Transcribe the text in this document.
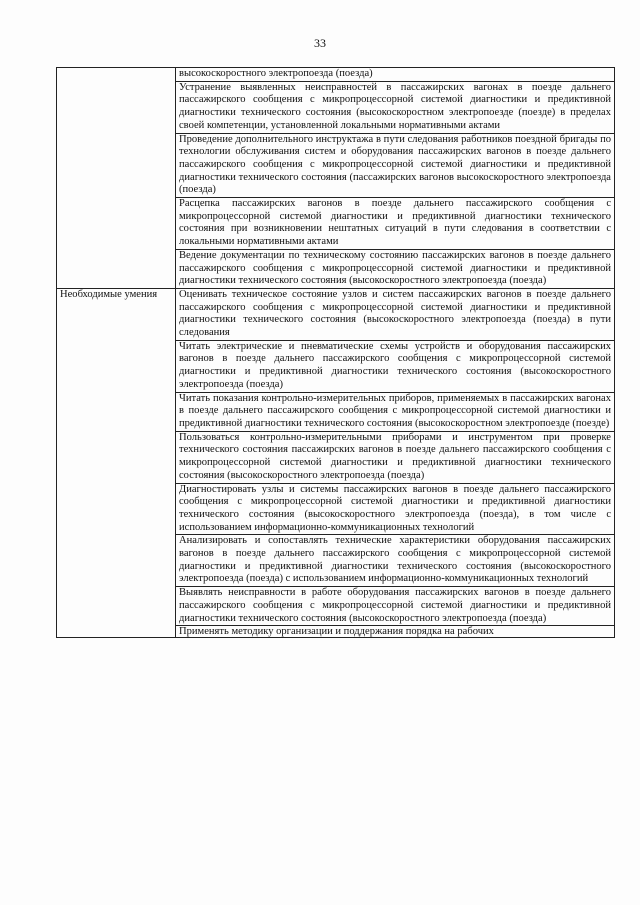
33

	высокоскоростного электропоезда (поезда)

	Устранение выявленных неисправностей в пассажирских вагонах в поезде дальнего пассажирского сообщения с микропроцессорной системой диагностики и предиктивной диагностики технического состояния (высокоскоростном электропоезде (поезде) в пределах своей компетенции, установленной локальными нормативными актами

	Проведение дополнительного инструктажа в пути следования работников поездной бригады по технологии обслуживания систем и оборудования пассажирских вагонов в поезде дальнего пассажирского сообщения с микропроцессорной системой диагностики и предиктивной диагностики технического состояния (пассажирских вагонов высокоскоростного электропоезда (поезда)

	Расцепка пассажирских вагонов в поезде дальнего пассажирского сообщения с микропроцессорной системой диагностики и предиктивной диагностики технического состояния при возникновении нештатных ситуаций в пути следования в соответствии с локальными нормативными актами

	Ведение документации по техническому состоянию пассажирских вагонов в поезде дальнего пассажирского сообщения с микропроцессорной системой диагностики и предиктивной диагностики технического состояния (высокоскоростного электропоезда (поезда)

Необходимые умения	Оценивать техническое состояние узлов и систем пассажирских вагонов в поезде дальнего пассажирского сообщения с микропроцессорной системой диагностики и предиктивной диагностики технического состояния (высокоскоростного электропоезда (поезда) в пути следования

	Читать электрические и пневматические схемы устройств и оборудования пассажирских вагонов в поезде дальнего пассажирского сообщения с микропроцессорной системой диагностики и предиктивной диагностики технического состояния (высокоскоростного электропоезда (поезда)

	Читать показания контрольно-измерительных приборов, применяемых в пассажирских вагонах в поезде дальнего пассажирского сообщения с микропроцессорной системой диагностики и предиктивной диагностики технического состояния (высокоскоростном электропоезде (поезде)

	Пользоваться контрольно-измерительными приборами и инструментом при проверке технического состояния пассажирских вагонов в поезде дальнего пассажирского сообщения с микропроцессорной системой диагностики и предиктивной диагностики технического состояния (высокоскоростного электропоезда (поезда)

	Диагностировать узлы и системы пассажирских вагонов в поезде дальнего пассажирского сообщения с микропроцессорной системой диагностики и предиктивной диагностики технического состояния (высокоскоростного электропоезда (поезда), в том числе с использованием информационно-коммуникационных технологий

	Анализировать и сопоставлять технические характеристики оборудования пассажирских вагонов в поезде дальнего пассажирского сообщения с микропроцессорной системой диагностики и предиктивной диагностики технического состояния (высокоскоростного электропоезда (поезда) с использованием информационно-коммуникационных технологий

	Выявлять неисправности в работе оборудования пассажирских вагонов в поезде дальнего пассажирского сообщения с микропроцессорной системой диагностики и предиктивной диагностики технического состояния (высокоскоростного электропоезда (поезда)

	Применять методику организации и поддержания порядка на рабочих
